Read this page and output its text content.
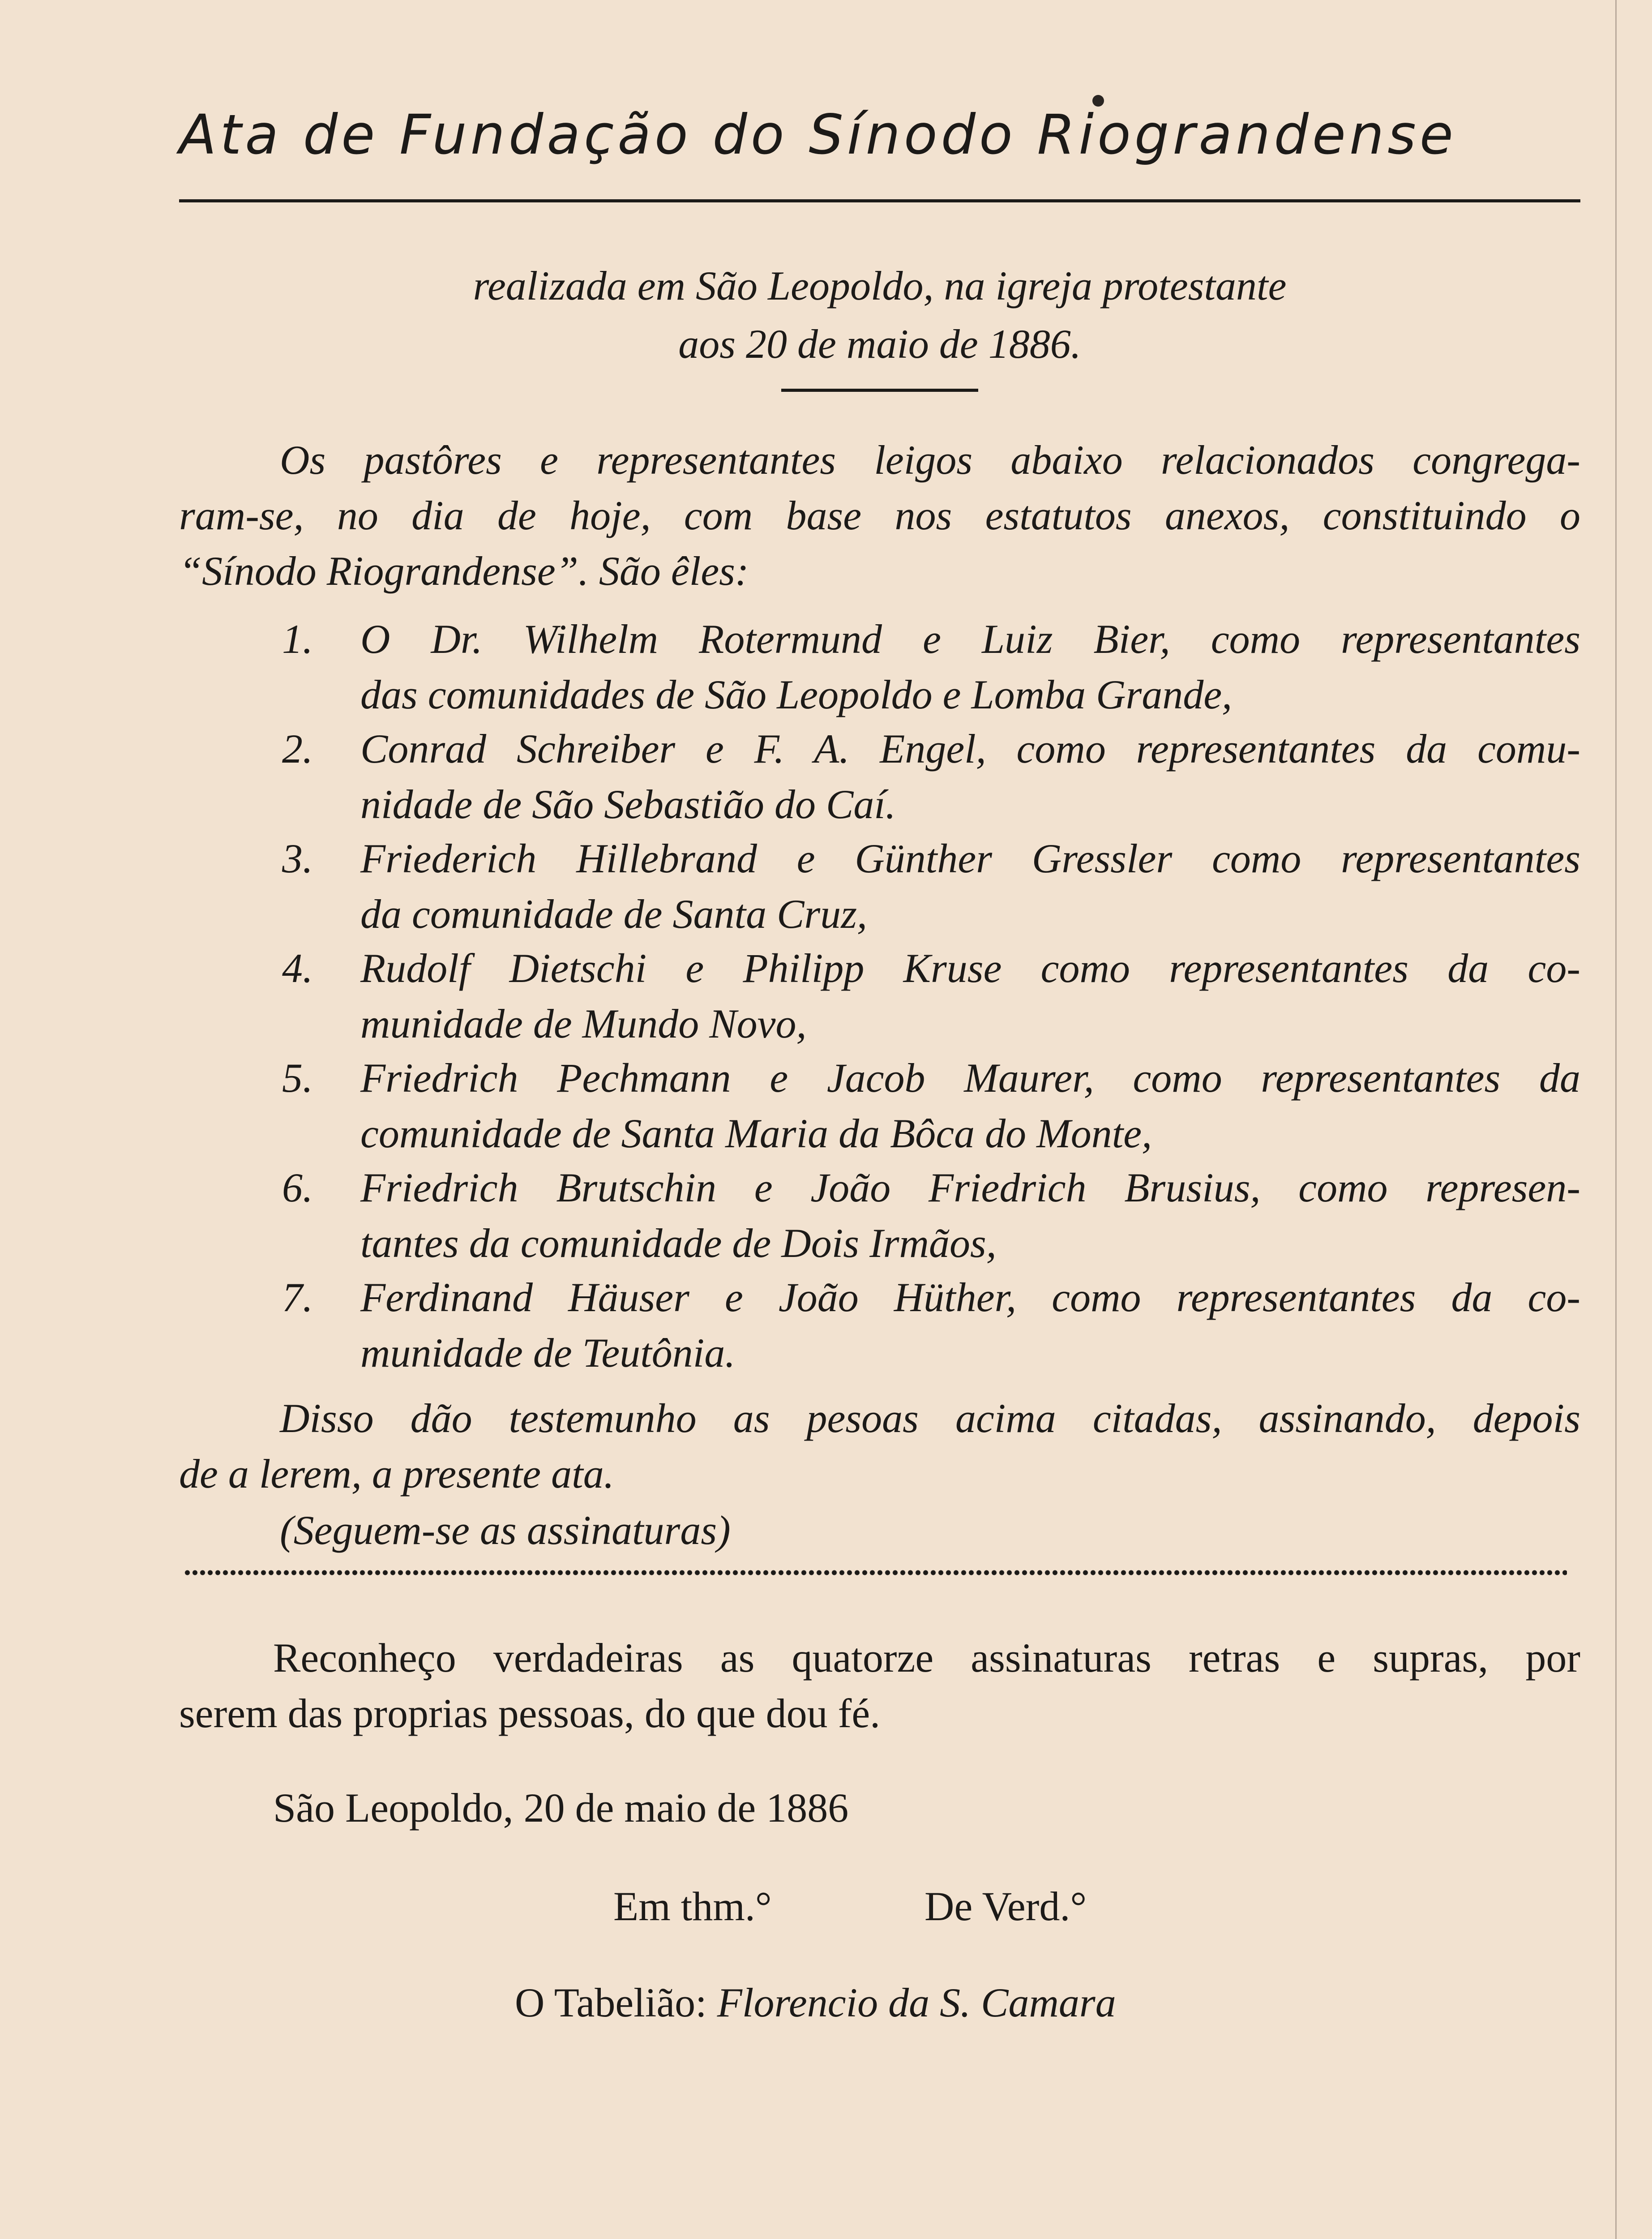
Ata de Fundação do Sínodo Riograndense
realizada em São Leopoldo, na igreja protestante
aos 20 de maio de 1886.
Os pastôres e representantes leigos abaixo relacionados congrega-
ram-se, no dia de hoje, com base nos estatutos anexos, constituindo o
“Sínodo Riograndense”. São êles:
1. O Dr. Wilhelm Rotermund e Luiz Bier, como representantes
das comunidades de São Leopoldo e Lomba Grande,
2. Conrad Schreiber e F. A. Engel, como representantes da comu-
nidade de São Sebastião do Caí.
3. Friederich Hillebrand e Günther Gressler como representantes
da comunidade de Santa Cruz,
4. Rudolf Dietschi e Philipp Kruse como representantes da co-
munidade de Mundo Novo,
5. Friedrich Pechmann e Jacob Maurer, como representantes da
comunidade de Santa Maria da Bôca do Monte,
6. Friedrich Brutschin e João Friedrich Brusius, como represen-
tantes da comunidade de Dois Irmãos,
7. Ferdinand Häuser e João Hüther, como representantes da co-
munidade de Teutônia.
Disso dão testemunho as pesoas acima citadas, assinando, depois
de a lerem, a presente ata.
(Seguem-se as assinaturas)
Reconheço verdadeiras as quatorze assinaturas retras e supras, por
serem das proprias pessoas, do que dou fé.
São Leopoldo, 20 de maio de 1886
Em thm.°	De Verd.°
O Tabelião: Florencio da S. Camara
